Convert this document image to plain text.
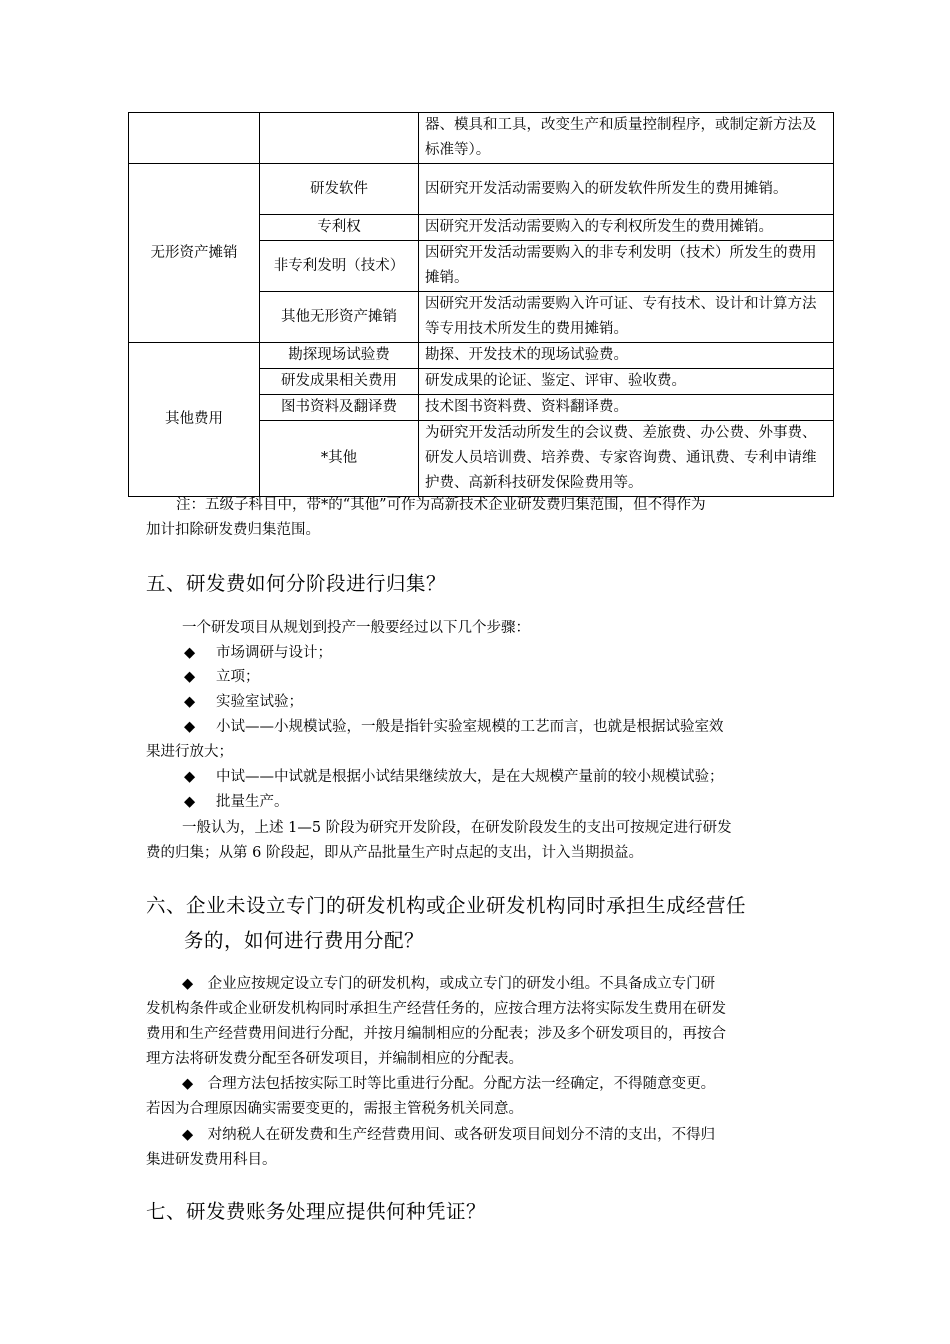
		器、模具和工具，改变生产和质量控制程序，或制定新方法及标准等）。
无形资产摊销	研发软件	因研究开发活动需要购入的研发软件所发生的费用摊销。
	专利权	因研究开发活动需要购入的专利权所发生的费用摊销。
	非专利发明（技术）	因研究开发活动需要购入的非专利发明（技术）所发生的费用摊销。
	其他无形资产摊销	因研究开发活动需要购入许可证、专有技术、设计和计算方法等专用技术所发生的费用摊销。
其他费用	勘探现场试验费	勘探、开发技术的现场试验费。
	研发成果相关费用	研发成果的论证、鉴定、评审、验收费。
	图书资料及翻译费	技术图书资料费、资料翻译费。
	*其他	为研究开发活动所发生的会议费、差旅费、办公费、外事费、研发人员培训费、培养费、专家咨询费、通讯费、专利申请维护费、高新科技研发保险费用等。

注：五级子科目中，带*的“其他”可作为高新技术企业研发费归集范围，但不得作为

加计扣除研发费归集范围。

五、研发费如何分阶段进行归集？

一个研发项目从规划到投产一般要经过以下几个步骤：

◆ 市场调研与设计；
◆ 立项；
◆ 实验室试验；
◆ 小试——小规模试验，一般是指针实验室规模的工艺而言，也就是根据试验室效
果进行放大；
◆ 中试——中试就是根据小试结果继续放大，是在大规模产量前的较小规模试验；
◆ 批量生产。
一般认为，上述 1—5 阶段为研究开发阶段，在研发阶段发生的支出可按规定进行研发
费的归集；从第 6 阶段起，即从产品批量生产时点起的支出，计入当期损益。
六、企业未设立专门的研发机构或企业研发机构同时承担生成经营任
务的，如何进行费用分配？
◆　企业应按规定设立专门的研发机构，或成立专门的研发小组。不具备成立专门研
发机构条件或企业研发机构同时承担生产经营任务的，应按合理方法将实际发生费用在研发
费用和生产经营费用间进行分配，并按月编制相应的分配表；涉及多个研发项目的，再按合
理方法将研发费分配至各研发项目，并编制相应的分配表。
◆　合理方法包括按实际工时等比重进行分配。分配方法一经确定，不得随意变更。
若因为合理原因确实需要变更的，需报主管税务机关同意。
◆　对纳税人在研发费和生产经营费用间、或各研发项目间划分不清的支出，不得归
集进研发费用科目。
七、研发费账务处理应提供何种凭证？
